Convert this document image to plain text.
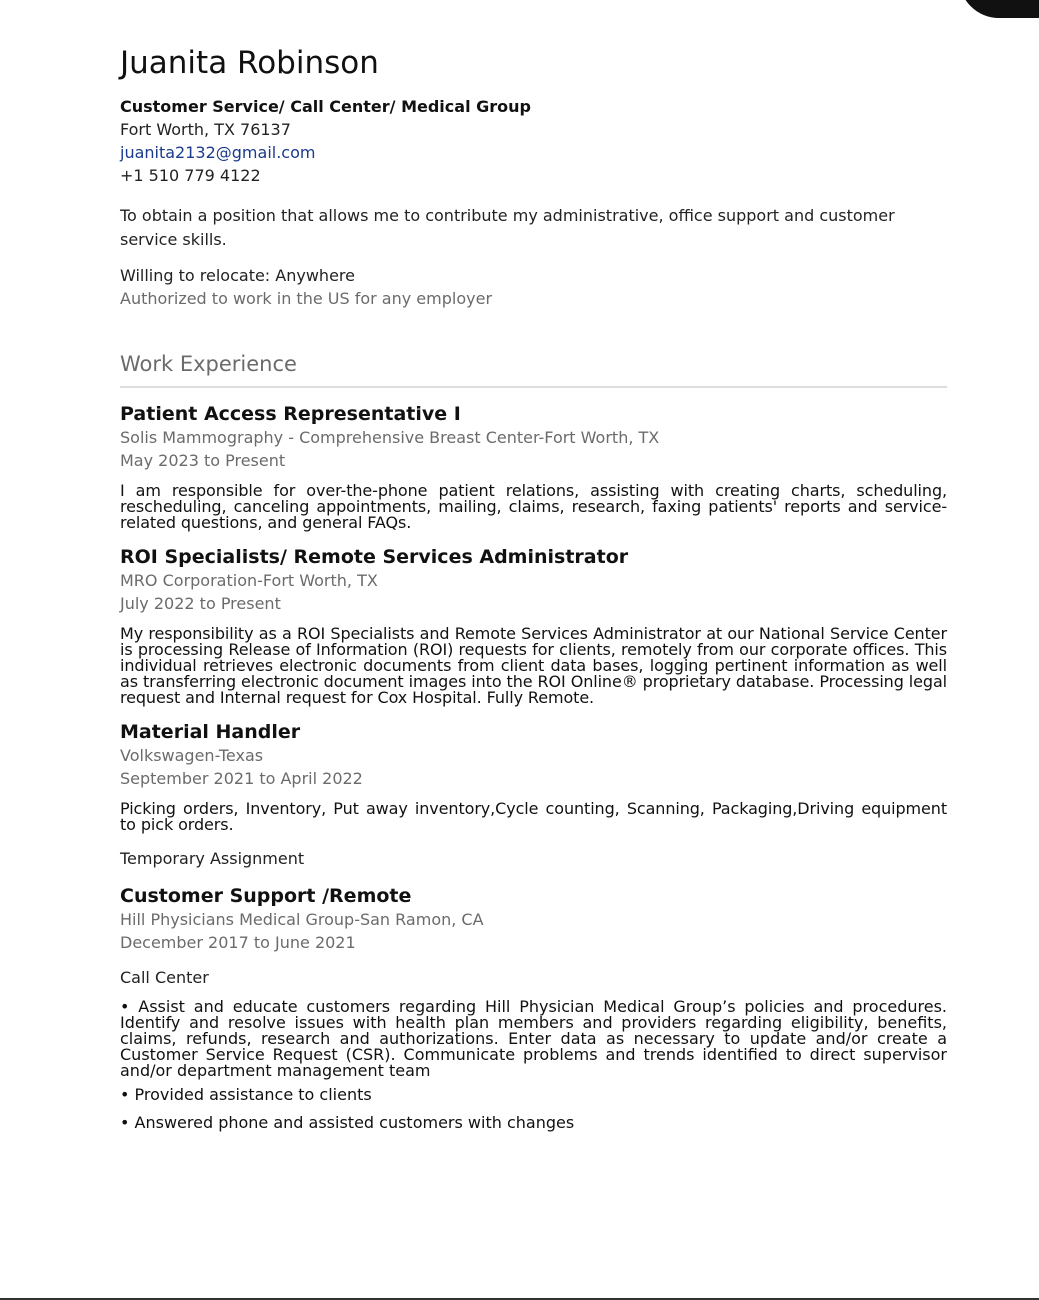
Juanita Robinson

Customer Service/ Call Center/ Medical Group

Fort Worth, TX 76137

juanita2132@gmail.com

+1 510 779 4122

To obtain a position that allows me to contribute my administrative, office support and customer service skills.

Willing to relocate: Anywhere

Authorized to work in the US for any employer

Work Experience

Patient Access Representative I

Solis Mammography - Comprehensive Breast Center-Fort Worth, TX

May 2023 to Present

I am responsible for over-the-phone patient relations, assisting with creating charts, scheduling, rescheduling, canceling appointments, mailing, claims, research, faxing patients' reports and service-related questions, and general FAQs.

ROI Specialists/ Remote Services Administrator

MRO Corporation-Fort Worth, TX

July 2022 to Present

My responsibility as a ROI Specialists and Remote Services Administrator at our National Service Center is processing Release of Information (ROI) requests for clients, remotely from our corporate offices. This individual retrieves electronic documents from client data bases, logging pertinent information as well as transferring electronic document images into the ROI Online® proprietary database. Processing legal request and Internal request for Cox Hospital. Fully Remote.

Material Handler

Volkswagen-Texas

September 2021 to April 2022

Picking orders, Inventory, Put away inventory,Cycle counting, Scanning, Packaging,Driving equipment to pick orders.

Temporary Assignment

Customer Support /Remote

Hill Physicians Medical Group-San Ramon, CA

December 2017 to June 2021

Call Center

• Assist and educate customers regarding Hill Physician Medical Group’s policies and procedures. Identify and resolve issues with health plan members and providers regarding eligibility, benefits, claims, refunds, research and authorizations. Enter data as necessary to update and/or create a Customer Service Request (CSR). Communicate problems and trends identified to direct supervisor and/or department management team

• Provided assistance to clients

• Answered phone and assisted customers with changes
